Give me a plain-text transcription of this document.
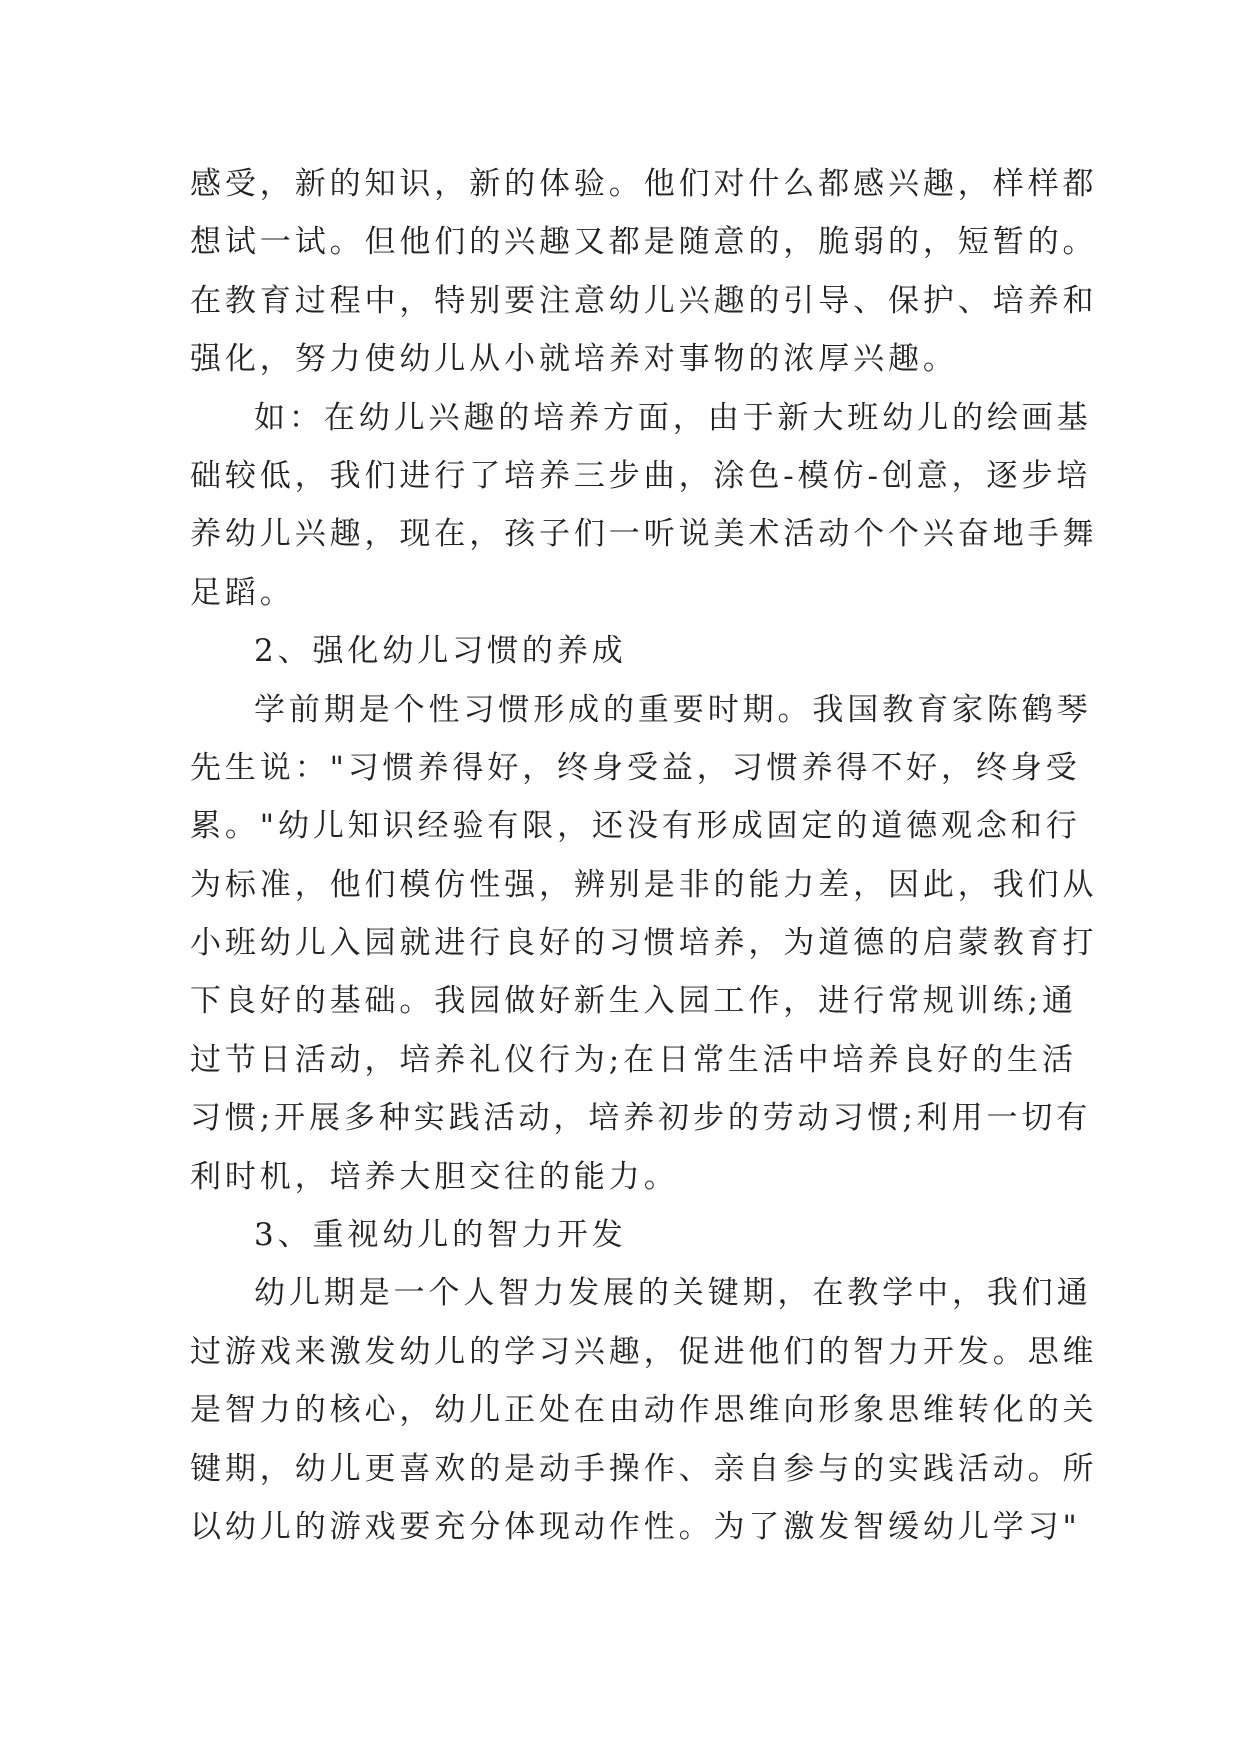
感受，新的知识，新的体验。他们对什么都感兴趣，样样都
想试一试。但他们的兴趣又都是随意的，脆弱的，短暂的。
在教育过程中，特别要注意幼儿兴趣的引导、保护、培养和
强化，努力使幼儿从小就培养对事物的浓厚兴趣。
如：在幼儿兴趣的培养方面，由于新大班幼儿的绘画基
础较低，我们进行了培养三步曲，涂色-模仿-创意，逐步培
养幼儿兴趣，现在，孩子们一听说美术活动个个兴奋地手舞
足蹈。
2、强化幼儿习惯的养成
学前期是个性习惯形成的重要时期。我国教育家陈鹤琴
先生说："习惯养得好，终身受益，习惯养得不好，终身受
累。"幼儿知识经验有限，还没有形成固定的道德观念和行
为标准，他们模仿性强，辨别是非的能力差，因此，我们从
小班幼儿入园就进行良好的习惯培养，为道德的启蒙教育打
下良好的基础。我园做好新生入园工作，进行常规训练;通
过节日活动，培养礼仪行为;在日常生活中培养良好的生活
习惯;开展多种实践活动，培养初步的劳动习惯;利用一切有
利时机，培养大胆交往的能力。
3、重视幼儿的智力开发
幼儿期是一个人智力发展的关键期，在教学中，我们通
过游戏来激发幼儿的学习兴趣，促进他们的智力开发。思维
是智力的核心，幼儿正处在由动作思维向形象思维转化的关
键期，幼儿更喜欢的是动手操作、亲自参与的实践活动。所
以幼儿的游戏要充分体现动作性。为了激发智缓幼儿学习"
